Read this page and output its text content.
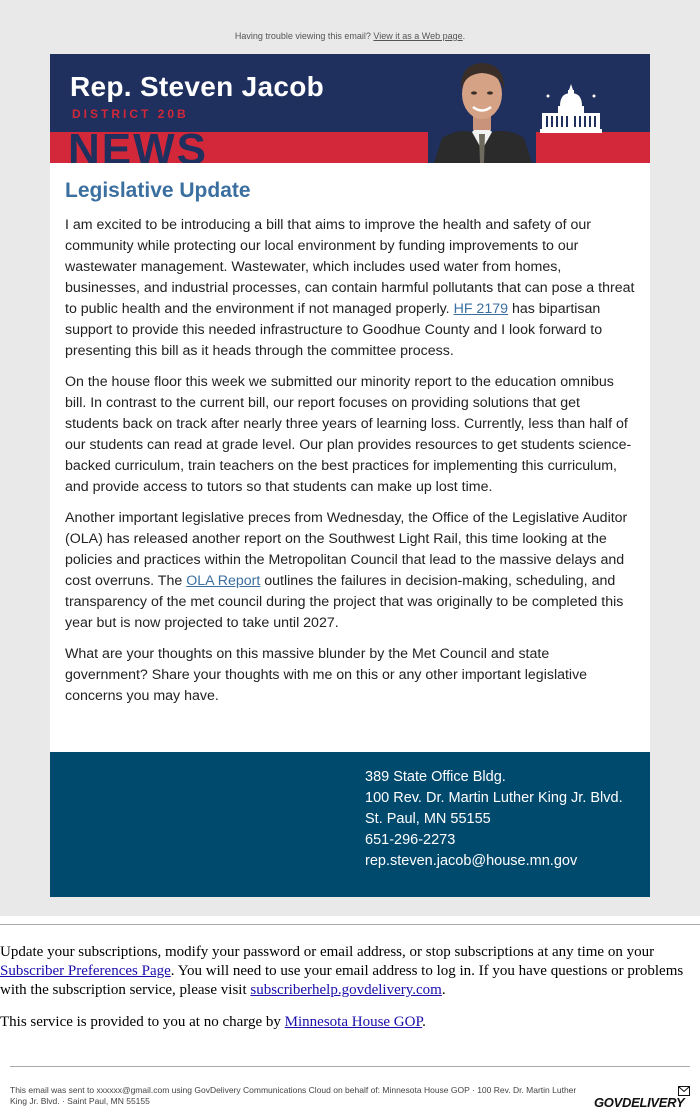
Having trouble viewing this email? View it as a Web page.
Rep. Steven Jacob
DISTRICT 20B
NEWS
Legislative Update

I am excited to be introducing a bill that aims to improve the health and safety of our community while protecting our local environment by funding improvements to our wastewater management. Wastewater, which includes used water from homes, businesses, and industrial processes, can contain harmful pollutants that can pose a threat to public health and the environment if not managed properly. HF 2179 has bipartisan support to provide this needed infrastructure to Goodhue County and I look forward to presenting this bill as it heads through the committee process.

On the house floor this week we submitted our minority report to the education omnibus bill. In contrast to the current bill, our report focuses on providing solutions that get students back on track after nearly three years of learning loss. Currently, less than half of our students can read at grade level. Our plan provides resources to get students science-backed curriculum, train teachers on the best practices for implementing this curriculum, and provide access to tutors so that students can make up lost time.

Another important legislative preces from Wednesday, the Office of the Legislative Auditor (OLA) has released another report on the Southwest Light Rail, this time looking at the policies and practices within the Metropolitan Council that lead to the massive delays and cost overruns. The OLA Report outlines the failures in decision-making, scheduling, and transparency of the met council during the project that was originally to be completed this year but is now projected to take until 2027.

What are your thoughts on this massive blunder by the Met Council and state government? Share your thoughts with me on this or any other important legislative concerns you may have.

389 State Office Bldg.
100 Rev. Dr. Martin Luther King Jr. Blvd.
St. Paul, MN 55155
651-296-2273
rep.steven.jacob@house.mn.gov
Update your subscriptions, modify your password or email address, or stop subscriptions at any time on your Subscriber Preferences Page. You will need to use your email address to log in. If you have questions or problems with the subscription service, please visit subscriberhelp.govdelivery.com.
This service is provided to you at no charge by Minnesota House GOP.
This email was sent to xxxxxx@gmail.com using GovDelivery Communications Cloud on behalf of: Minnesota House GOP · 100 Rev. Dr. Martin Luther King Jr. Blvd. · Saint Paul, MN 55155	GOVDELIVERY
